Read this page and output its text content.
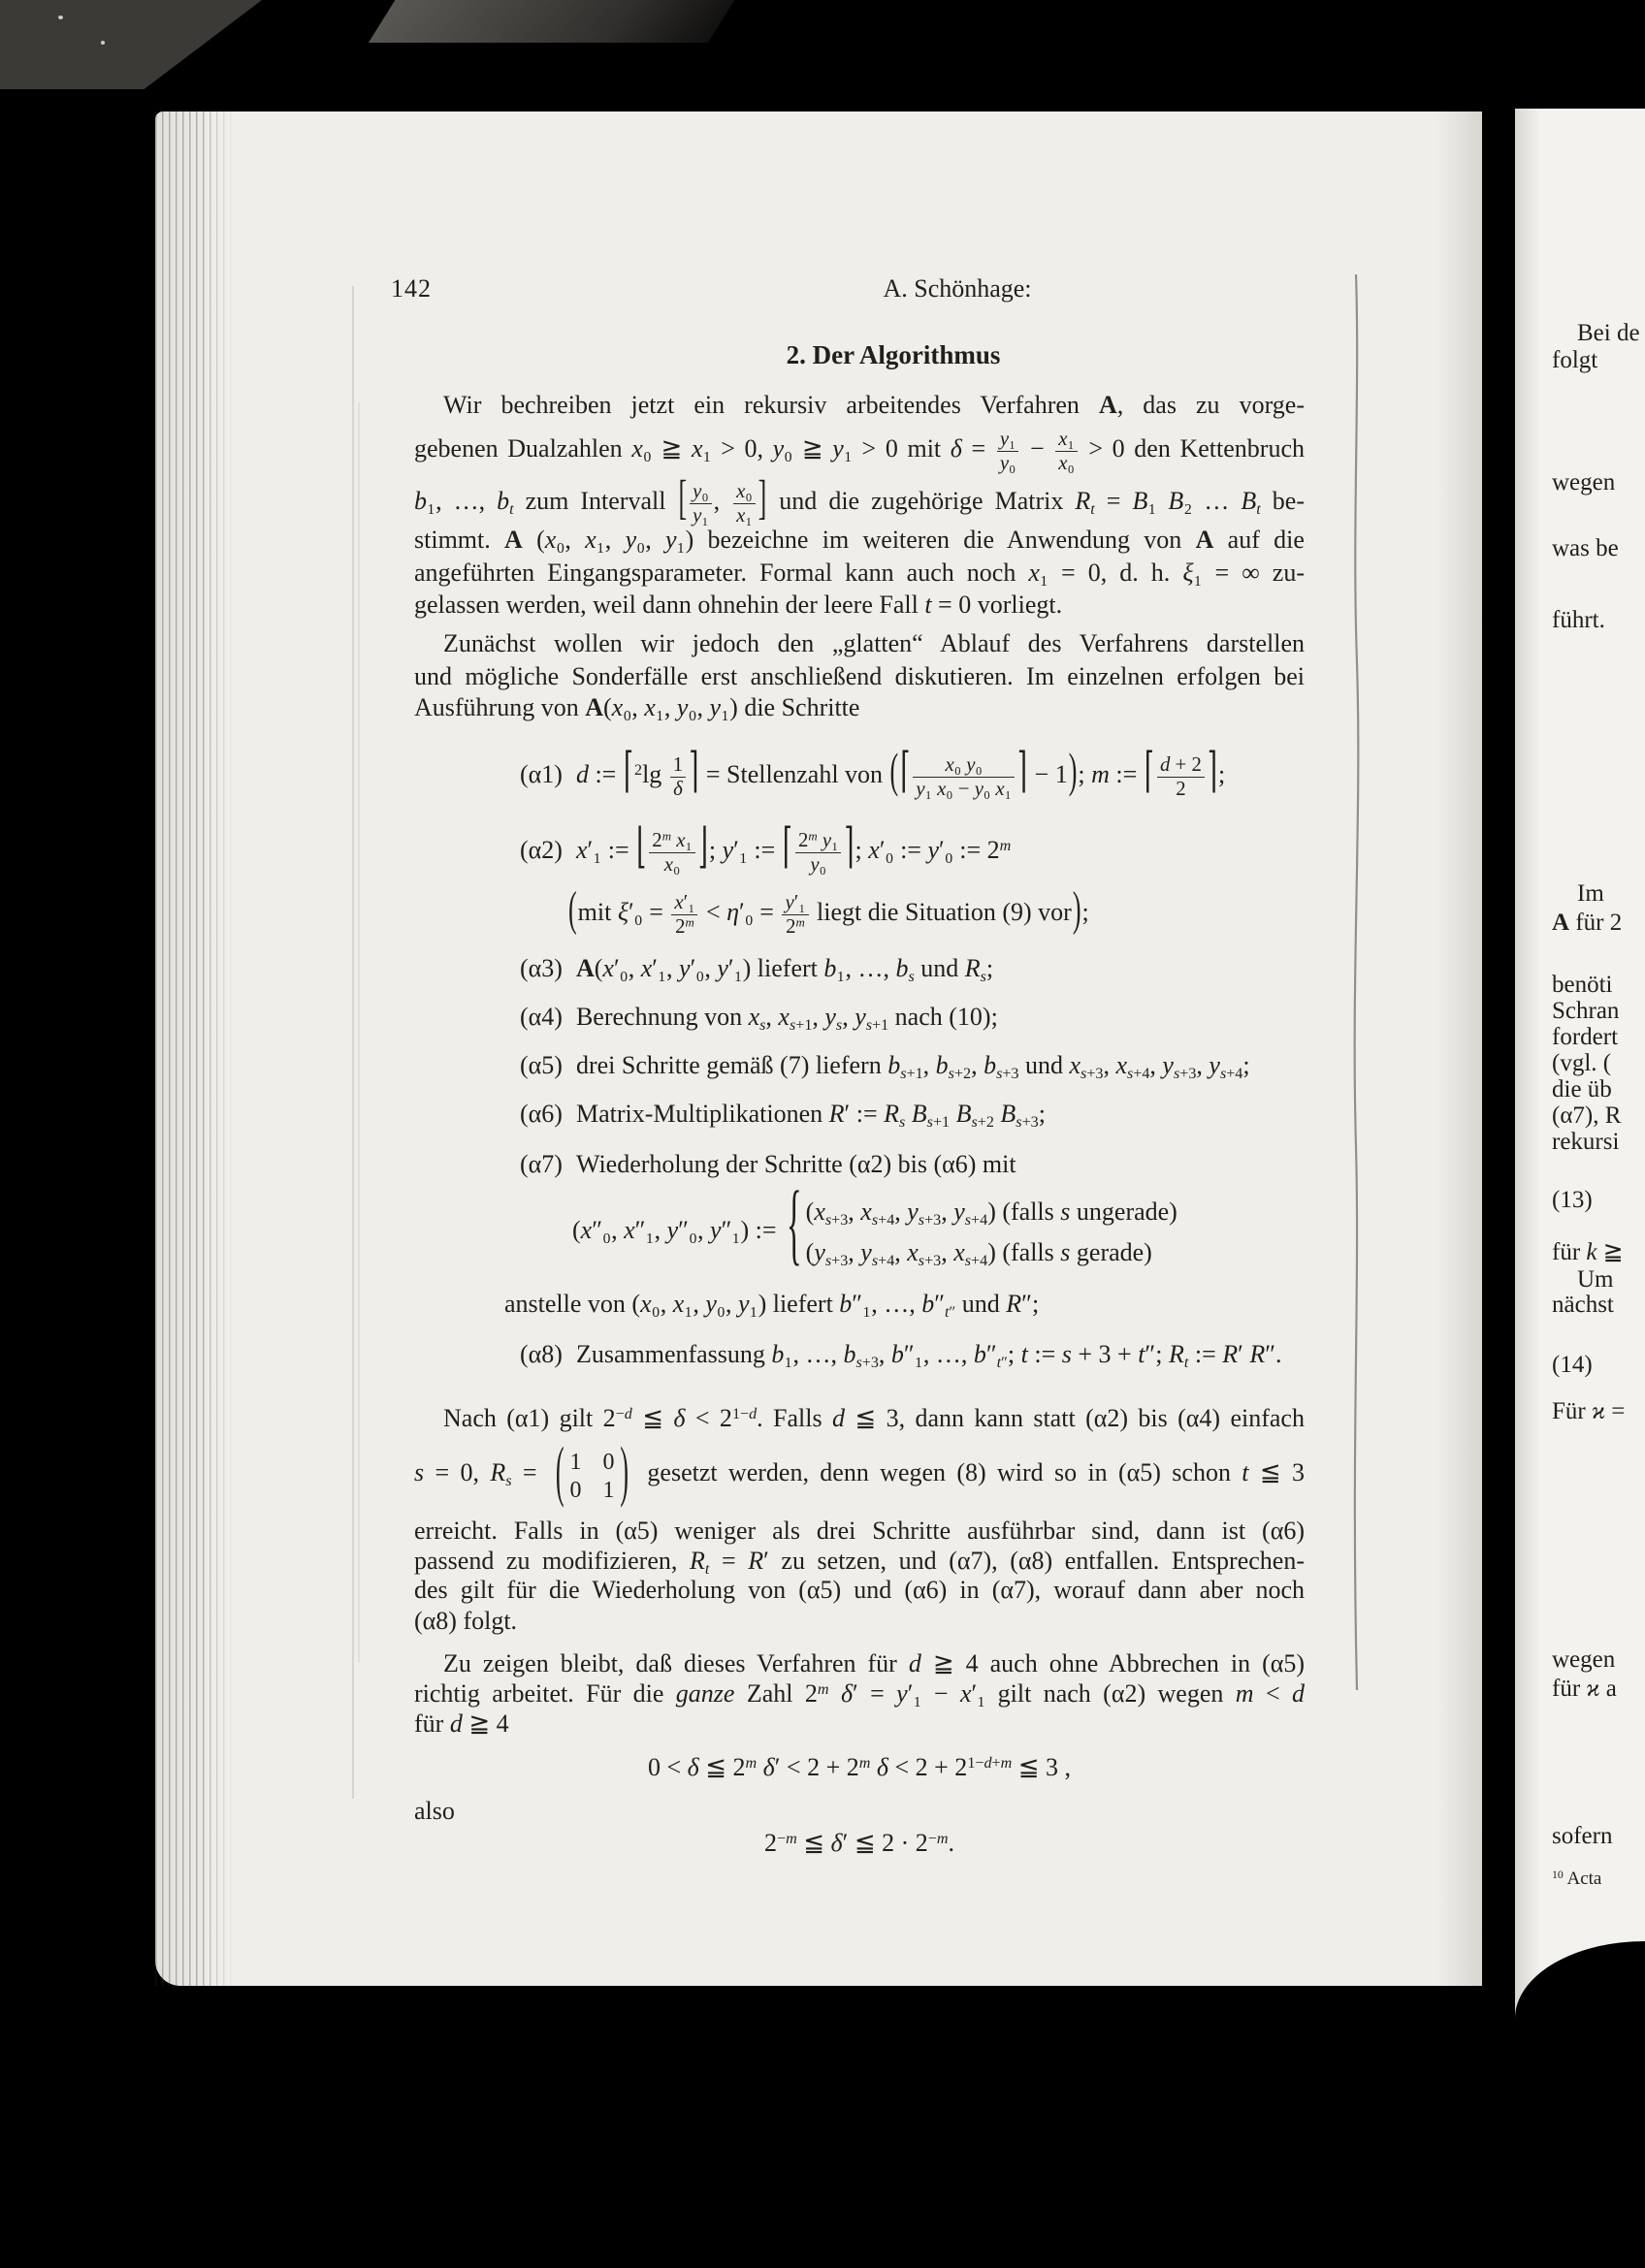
142	A. Schönhage:
2. Der Algorithmus
Wir bechreiben jetzt ein rekursiv arbeitendes Verfahren A, das zu vorge-
gebenen Dualzahlen x₀ ≧ x₁ > 0, y₀ ≧ y₁ > 0 mit $\delta = \frac{\text{y₁}}{\text{y₀}} - \frac{\text{x₁}}{\text{x₀}} > 0$ den Kettenbruch
b₁, …, $b_t$ zum Intervall [ $\frac{\text{y₀}}{\text{y₁}}$ , $\frac{\text{x₀}}{\text{x₁}}$ ] und die zugehörige Matrix $R_t = B_1$ B₂ … $B_t$ be-
stimmt. A (x₀, x₁, y₀, y₁) bezeichne im weiteren die Anwendung von A auf die
angeführten Eingangsparameter. Formal kann auch noch x₁ = 0, d. h. ξ₁ = ∞ zu-
gelassen werden, weil dann ohnehin der leere Fall t = 0 vorliegt.
Zunächst wollen wir jedoch den „glatten“ Ablauf des Verfahrens darstellen
und mögliche Sonderfälle erst anschließend diskutieren. Im einzelnen erfolgen bei
Ausführung von A(x₀, x₁, y₀, y₁) die Schritte
(α1) d := ⌈$^2$lg $\frac{1}{\delta}$ ⌉ = Stellenzahl von (⌈ $\frac{\text{x₀ y₀}}{\text{y₁ x₀ − y₀ x₁}}$ ⌉ − 1); m := ⌈ $\frac{d + 2}{2}$ ⌉;
(α2) x′₁ := ⌊ $\frac{2^m x_1}{\text{x₀}}$ ⌋; y′₁ := ⌈ $\frac{2^m y_1}{\text{y₀}}$ ⌉; x′₀ := y′₀ := $2^m$
(mit $\xi'_0 = \frac{\text{x′₁}}{2^m} < \eta'_0 = \frac{\text{y′₁}}{2^m}$ liegt die Situation (9) vor);
(α3) A(x′₀, x′₁, y′₀, y′₁) liefert b₁, …, $b_s$ und $R_s$;
(α4) Berechnung von $x_s$, $x_{s+1}$, $y_s$, $y_{s+1}$ nach (10);
(α5) drei Schritte gemäß (7) liefern $b_{s+1}$, $b_{s+2}$, $b_{s+3}$ und $x_{s+3}$, $x_{s+4}$, $y_{s+3}$, $y_{s+4}$;
(α6) Matrix-Multiplikationen R′ := $R_s$ $B_{s+1}$ $B_{s+2}$ $B_{s+3}$;
(α7) Wiederholung der Schritte (α2) bis (α6) mit
(x″₀, x″₁, y″₀, y″₁) := { ($x_{s+3}$, $x_{s+4}$, $y_{s+3}$, $y_{s+4}$) (falls s ungerade)
($y_{s+3}$, $y_{s+4}$, $x_{s+3}$, $x_{s+4}$) (falls s gerade)
anstelle von (x₀, x₁, y₀, y₁) liefert b″₁, …, $b''_{t''}$ und R″;
(α8) Zusammenfassung b₁, …, $b_{s+3}$, b″₁, …, $b''_{t''}$; t := s + 3 + t″; $R_t$ := R′ R″.
Nach (α1) gilt $2^{-d}$ ≦ $\delta < 2^{1-d}$. Falls d ≦ 3, dann kann statt (α2) bis (α4) einfach
s = 0, $R_s$ = ( 1 0
0 1 ) gesetzt werden, denn wegen (8) wird so in (α5) schon t ≦ 3
erreicht. Falls in (α5) weniger als drei Schritte ausführbar sind, dann ist (α6)
passend zu modifizieren, $R_t = R'$ zu setzen, und (α7), (α8) entfallen. Entsprechen-
des gilt für die Wiederholung von (α5) und (α6) in (α7), worauf dann aber noch
(α8) folgt.
Zu zeigen bleibt, daß dieses Verfahren für d ≧ 4 auch ohne Abbrechen in (α5)
richtig arbeitet. Für die ganze Zahl 2$^m$ δ′ = y′₁ − x′₁ gilt nach (α2) wegen m < d
für d ≧ 4
0 < δ ≦ 2$^m$ $\delta' < 2 + 2^m$ $\delta < 2 + 2^{1-d+m}$ ≦ 3 ,
also
$2^{-m}$ ≦ δ′ ≦ $2 \cdot 2^{-m}$.
Bei de
folgt
wegen
was be
führt.
Im
A für 2
benöti
Schran
fordert
(vgl. (
die üb
(α7), R
rekursi
(13)
für k ≧
Um
nächst
(14)
Für ϰ =
wegen
für ϰ a
sofern
$^{10}$ Acta
